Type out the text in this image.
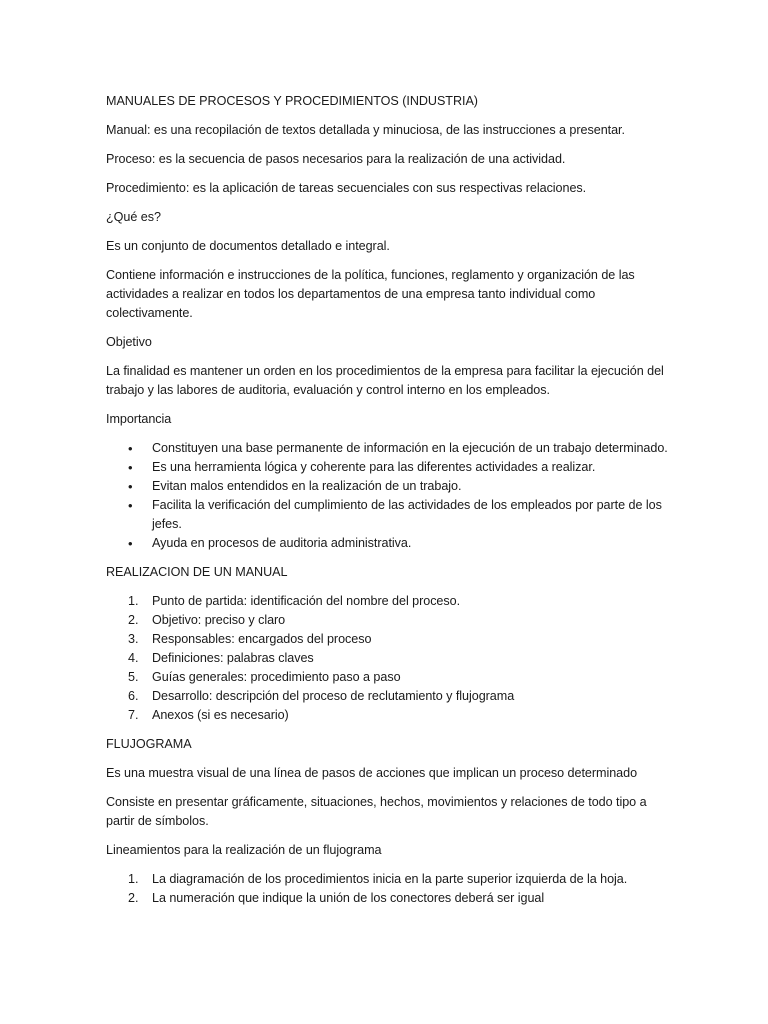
MANUALES DE PROCESOS Y PROCEDIMIENTOS (INDUSTRIA)

Manual: es una recopilación de textos detallada y minuciosa, de las instrucciones a presentar.

Proceso: es la secuencia de pasos necesarios para la realización de una actividad.

Procedimiento: es la aplicación de tareas secuenciales con sus respectivas relaciones.

¿Qué es?

Es un conjunto de documentos detallado e integral.

Contiene información e instrucciones de la política, funciones, reglamento y organización de las actividades a realizar en todos los departamentos de una empresa tanto individual como colectivamente.

Objetivo

La finalidad es mantener un orden en los procedimientos de la empresa para facilitar la ejecución del trabajo y las labores de auditoria, evaluación y control interno en los empleados.

Importancia

• Constituyen una base permanente de información en la ejecución de un trabajo determinado.
• Es una herramienta lógica y coherente para las diferentes actividades a realizar.
• Evitan malos entendidos en la realización de un trabajo.
• Facilita la verificación del cumplimiento de las actividades de los empleados por parte de los jefes.
• Ayuda en procesos de auditoria administrativa.

REALIZACION DE UN MANUAL

1. Punto de partida: identificación del nombre del proceso.
2. Objetivo: preciso y claro
3. Responsables: encargados del proceso
4. Definiciones: palabras claves
5. Guías generales: procedimiento paso a paso
6. Desarrollo: descripción del proceso de reclutamiento y flujograma
7. Anexos (si es necesario)

FLUJOGRAMA

Es una muestra visual de una línea de pasos de acciones que implican un proceso determinado

Consiste en presentar gráficamente, situaciones, hechos, movimientos y relaciones de todo tipo a partir de símbolos.

Lineamientos para la realización de un flujograma

1. La diagramación de los procedimientos inicia en la parte superior izquierda de la hoja.
2. La numeración que indique la unión de los conectores deberá ser igual
